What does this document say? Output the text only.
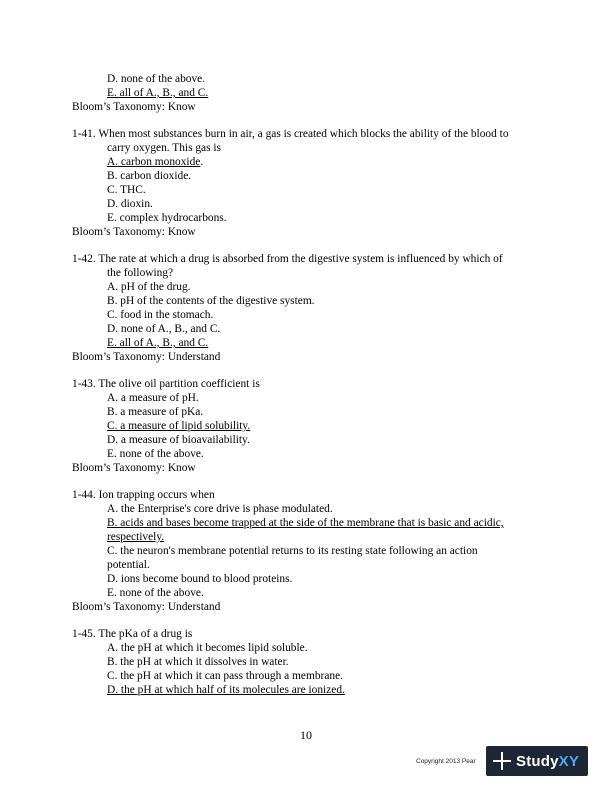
D. none of the above.
E. all of A., B., and C.
Bloom’s Taxonomy: Know
1-41. When most substances burn in air, a gas is created which blocks the ability of the blood to
carry oxygen. This gas is
A. carbon monoxide.
B. carbon dioxide.
C. THC.
D. dioxin.
E. complex hydrocarbons.
Bloom’s Taxonomy: Know
1-42. The rate at which a drug is absorbed from the digestive system is influenced by which of
the following?
A. pH of the drug.
B. pH of the contents of the digestive system.
C. food in the stomach.
D. none of A., B., and C.
E. all of A., B., and C.
Bloom’s Taxonomy: Understand
1-43. The olive oil partition coefficient is
A. a measure of pH.
B. a measure of pKa.
C. a measure of lipid solubility.
D. a measure of bioavailability.
E. none of the above.
Bloom’s Taxonomy: Know
1-44. Ion trapping occurs when
A. the Enterprise's core drive is phase modulated.
B. acids and bases become trapped at the side of the membrane that is basic and acidic,
respectively.
C. the neuron's membrane potential returns to its resting state following an action
potential.
D. ions become bound to blood proteins.
E. none of the above.
Bloom’s Taxonomy: Understand
1-45. The pKa of a drug is
A. the pH at which it becomes lipid soluble.
B. the pH at which it dissolves in water.
C. the pH at which it can pass through a membrane.
D. the pH at which half of its molecules are ionized.
10
Copyright 2013 Pear	StudyXY
